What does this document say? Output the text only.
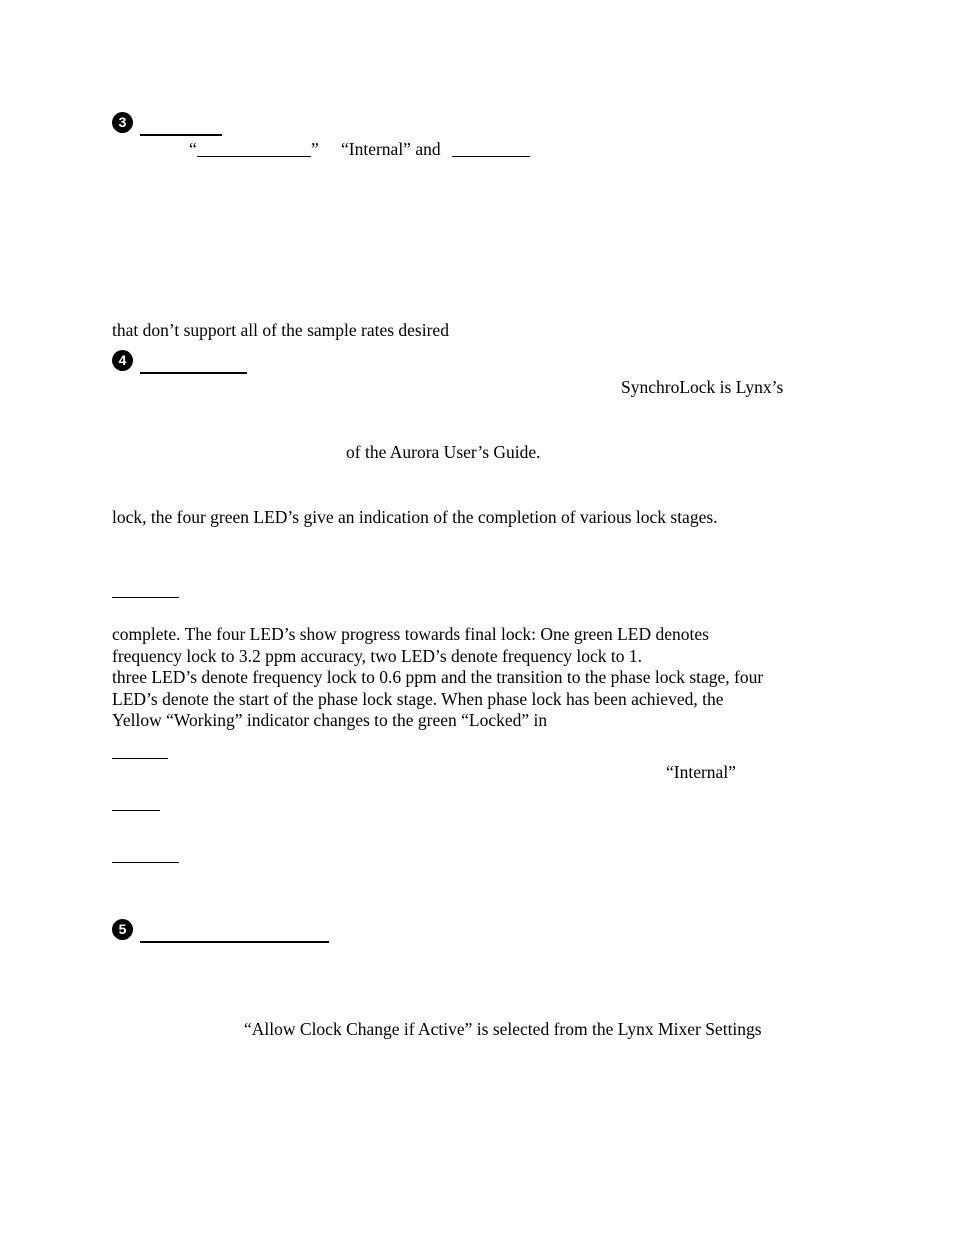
3
“	” “Internal” and
that don’t support all of the sample rates desired
4
SynchroLock is Lynx’s
of the Aurora User’s Guide.
lock, the four green LED’s give an indication of the completion of various lock stages.
complete. The four LED’s show progress towards final lock: One green LED denotes
frequency lock to 3.2 ppm accuracy, two LED’s denote frequency lock to 1.
three LED’s denote frequency lock to 0.6 ppm and the transition to the phase lock stage, four
LED’s denote the start of the phase lock stage. When phase lock has been achieved, the
Yellow “Working” indicator changes to the green “Locked” in
“Internal”
5
“Allow Clock Change if Active” is selected from the Lynx Mixer Settings
